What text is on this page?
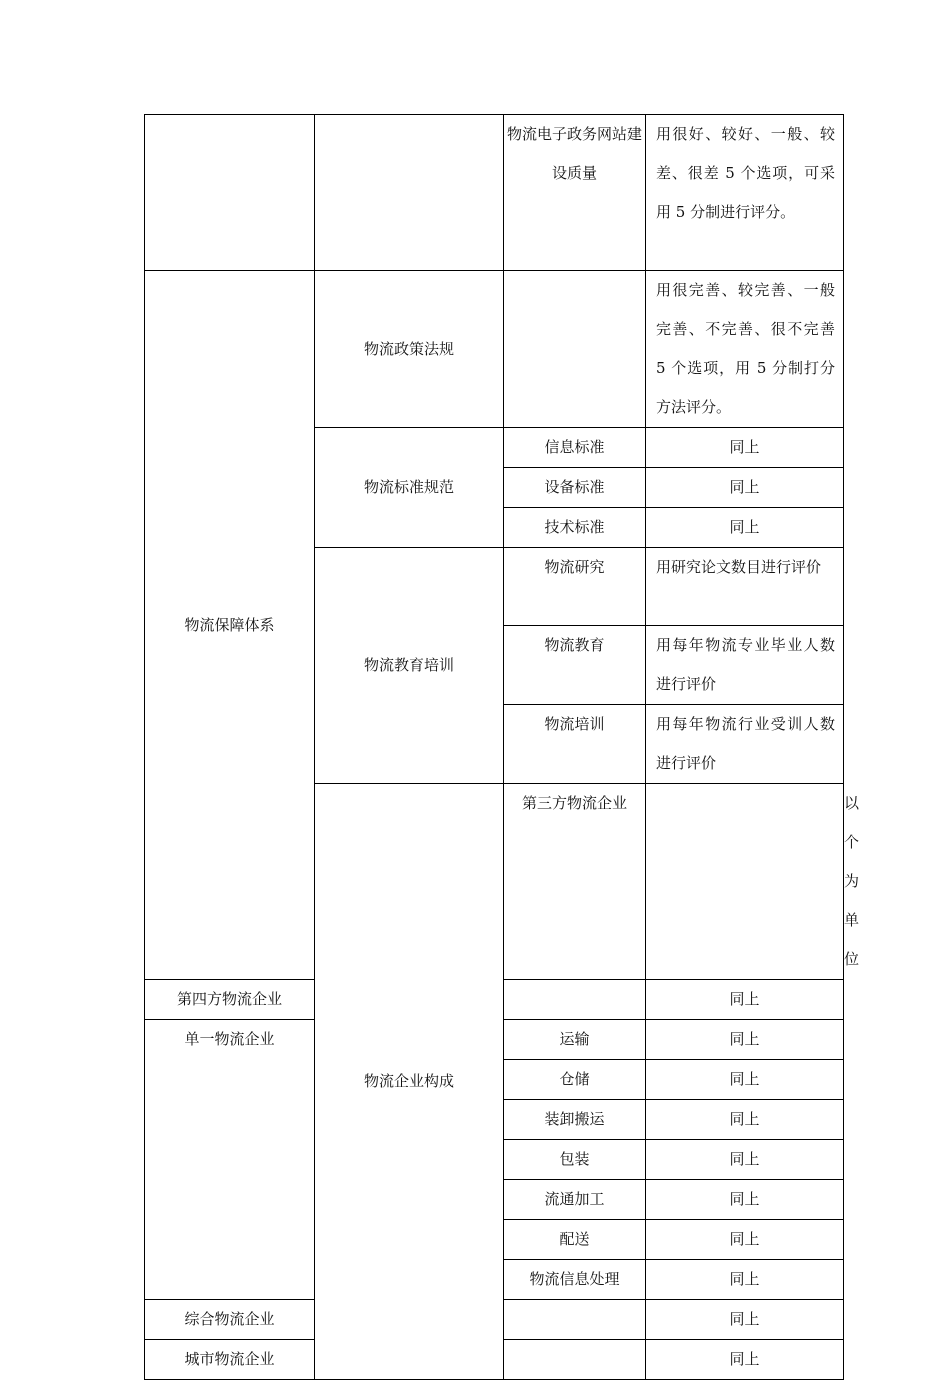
		物流电子政务网站建设质量	用很好、较好、一般、较差、很差 5 个选项，可采用 5 分制进行评分。	
物流保障体系	物流政策法规		用很完善、较完善、一般完善、不完善、很不完善 5 个选项，用 5 分制打分方法评分。	
	物流标准规范	信息标准	同上	
		设备标准	同上	
		技术标准	同上	
	物流教育培训	物流研究	用研究论文数目进行评价	
		物流教育	用每年物流专业毕业人数进行评价	
		物流培训	用每年物流行业受训人数进行评价	
	物流企业构成	第三方物流企业		以个为单位
第四方物流企业			同上	
单一物流企业		运输	同上	
		仓储	同上	
		装卸搬运	同上	
		包装	同上	
		流通加工	同上	
		配送	同上	
		物流信息处理	同上	
综合物流企业			同上	
城市物流企业			同上	
